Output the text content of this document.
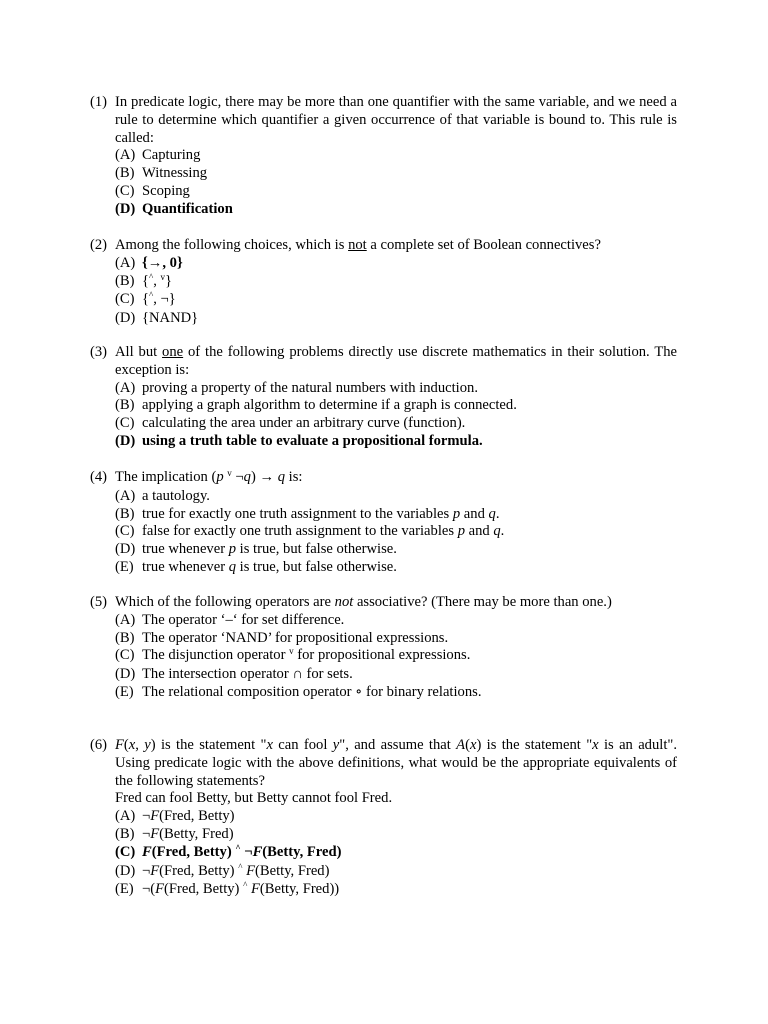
(1) In predicate logic, there may be more than one quantifier with the same variable, and we need a rule to determine which quantifier a given occurrence of that variable is bound to. This rule is called:
(A) Capturing
(B) Witnessing
(C) Scoping
(D) Quantification
(2) Among the following choices, which is not a complete set of Boolean connectives?
(A) {→, 0}
(B) {^, $^v$}
(C) {^, ¬}
(D) {NAND}
(3) All but one of the following problems directly use discrete mathematics in their solution. The exception is:
(A) proving a property of the natural numbers with induction.
(B) applying a graph algorithm to determine if a graph is connected.
(C) calculating the area under an arbitrary curve (function).
(D) using a truth table to evaluate a propositional formula.
(4) The implication (p $^v$ ¬q) → q is:
(A) a tautology.
(B) true for exactly one truth assignment to the variables p and q.
(C) false for exactly one truth assignment to the variables p and q.
(D) true whenever p is true, but false otherwise.
(E) true whenever q is true, but false otherwise.
(5) Which of the following operators are not associative? (There may be more than one.)
(A) The operator ‘–‘ for set difference.
(B) The operator ‘NAND’ for propositional expressions.
(C) The disjunction operator $^v$ for propositional expressions.
(D) The intersection operator ∩ for sets.
(E) The relational composition operator ∘ for binary relations.
(6) F(x, y) is the statement "x can fool y", and assume that A(x) is the statement "x is an adult". Using predicate logic with the above definitions, what would be the appropriate equivalents of the following statements?
Fred can fool Betty, but Betty cannot fool Fred.
(A) ¬F(Fred, Betty)
(B) ¬F(Betty, Fred)
(C) F(Fred, Betty) ^ ¬F(Betty, Fred)
(D) ¬F(Fred, Betty) ^ F(Betty, Fred)
(E) ¬(F(Fred, Betty) ^ F(Betty, Fred))
